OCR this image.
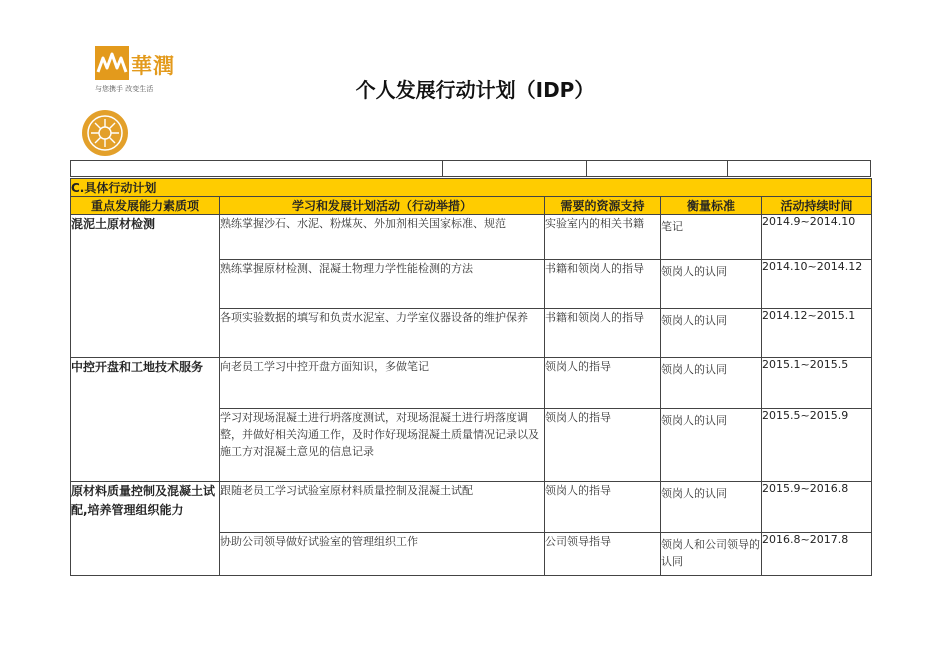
華潤
与您携手 改变生活	个人发展行动计划（IDP）
C.具体行动计划				
重点发展能力素质项	学习和发展计划活动（行动举措）	需要的资源支持	衡量标准	活动持续时间
混泥土原材检测	熟练掌握沙石、水泥、粉煤灰、外加剂相关国家标准、规范	实验室内的相关书籍	笔记	2014.9~2014.10
	熟练掌握原材检测、混凝土物理力学性能检测的方法	书籍和领岗人的指导	领岗人的认同	2014.10~2014.12
	各项实验数据的填写和负责水泥室、力学室仪器设备的维护保养	书籍和领岗人的指导	领岗人的认同	2014.12~2015.1
中控开盘和工地技术服务	向老员工学习中控开盘方面知识，多做笔记	领岗人的指导	领岗人的认同	2015.1~2015.5
	学习对现场混凝土进行坍落度测试，对现场混凝土进行坍落度调整，并做好相关沟通工作，及时作好现场混凝土质量情况记录以及施工方对混凝土意见的信息记录	领岗人的指导	领岗人的认同	2015.5~2015.9
原材料质量控制及混凝土试配,培养管理组织能力	跟随老员工学习试验室原材料质量控制及混凝土试配	领岗人的指导	领岗人的认同	2015.9~2016.8
	协助公司领导做好试验室的管理组织工作	公司领导指导	领岗人和公司领导的认同	2016.8~2017.8
